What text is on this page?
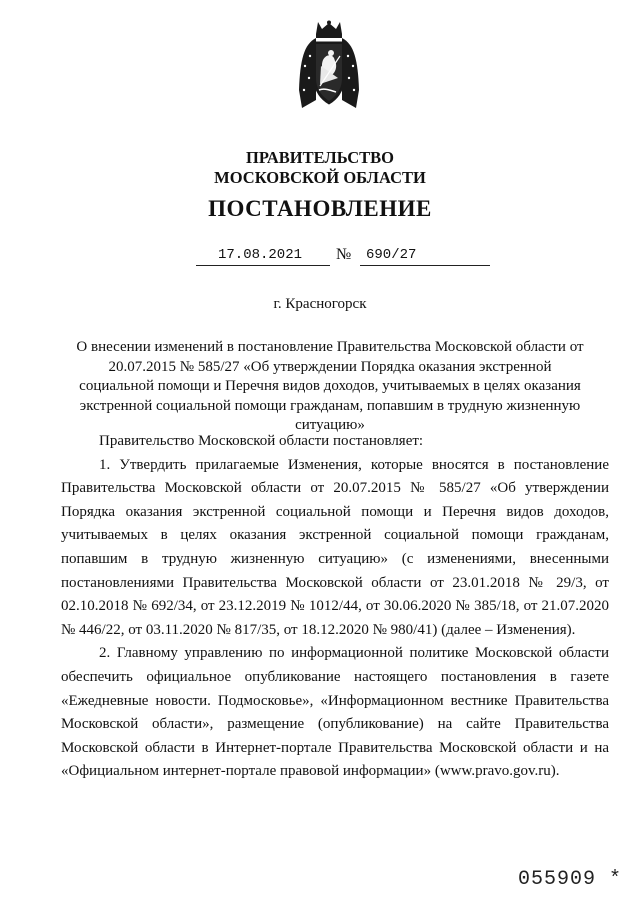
ПРАВИТЕЛЬСТВО
МОСКОВСКОЙ ОБЛАСТИ
ПОСТАНОВЛЕНИЕ
17.08.2021	№	690/27
г. Красногорск
О внесении изменений в постановление Правительства Московской области от 20.07.2015 № 585/27 «Об утверждении Порядка оказания экстренной социальной помощи и Перечня видов доходов, учитываемых в целях оказания экстренной социальной помощи гражданам, попавшим в трудную жизненную ситуацию»

Правительство Московской области постановляет:

1. Утвердить прилагаемые Изменения, которые вносятся в постановление Правительства Московской области от 20.07.2015 № 585/27 «Об утверждении Порядка оказания экстренной социальной помощи и Перечня видов доходов, учитываемых в целях оказания экстренной социальной помощи гражданам, попавшим в трудную жизненную ситуацию» (с изменениями, внесенными постановлениями Правительства Московской области от 23.01.2018 № 29/3, от 02.10.2018 № 692/34, от 23.12.2019 № 1012/44, от 30.06.2020 № 385/18, от 21.07.2020 № 446/22, от 03.11.2020 № 817/35, от 18.12.2020 № 980/41) (далее – Изменения).

2. Главному управлению по информационной политике Московской области обеспечить официальное опубликование настоящего постановления в газете «Ежедневные новости. Подмосковье», «Информационном вестнике Правительства Московской области», размещение (опубликование) на сайте Правительства Московской области в Интернет-портале Правительства Московской области и на «Официальном интернет-портале правовой информации» (www.pravo.gov.ru).

055909 *
